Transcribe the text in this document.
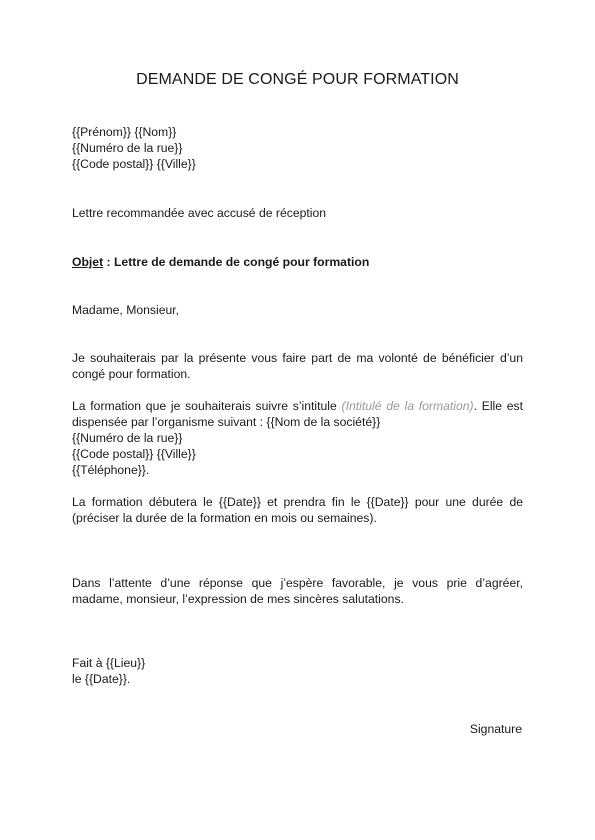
DEMANDE DE CONGÉ POUR FORMATION
{{Prénom}} {{Nom}}
{{Numéro de la rue}}
{{Code postal}} {{Ville}}
Lettre recommandée avec accusé de réception
Objet : Lettre de demande de congé pour formation
Madame, Monsieur,
Je souhaiterais par la présente vous faire part de ma volonté de bénéficier d’un congé pour formation.
La formation que je souhaiterais suivre s’intitule (Intitulé de la formation). Elle est dispensée par l’organisme suivant : {{Nom de la société}}
{{Numéro de la rue}}
{{Code postal}} {{Ville}}
{{Téléphone}}.
La formation débutera le {{Date}} et prendra fin le {{Date}} pour une durée de (préciser la durée de la formation en mois ou semaines).
Dans l’attente d’une réponse que j’espère favorable, je vous prie d’agréer, madame, monsieur, l’expression de mes sincères salutations.
Fait à {{Lieu}}
le {{Date}}.
Signature
